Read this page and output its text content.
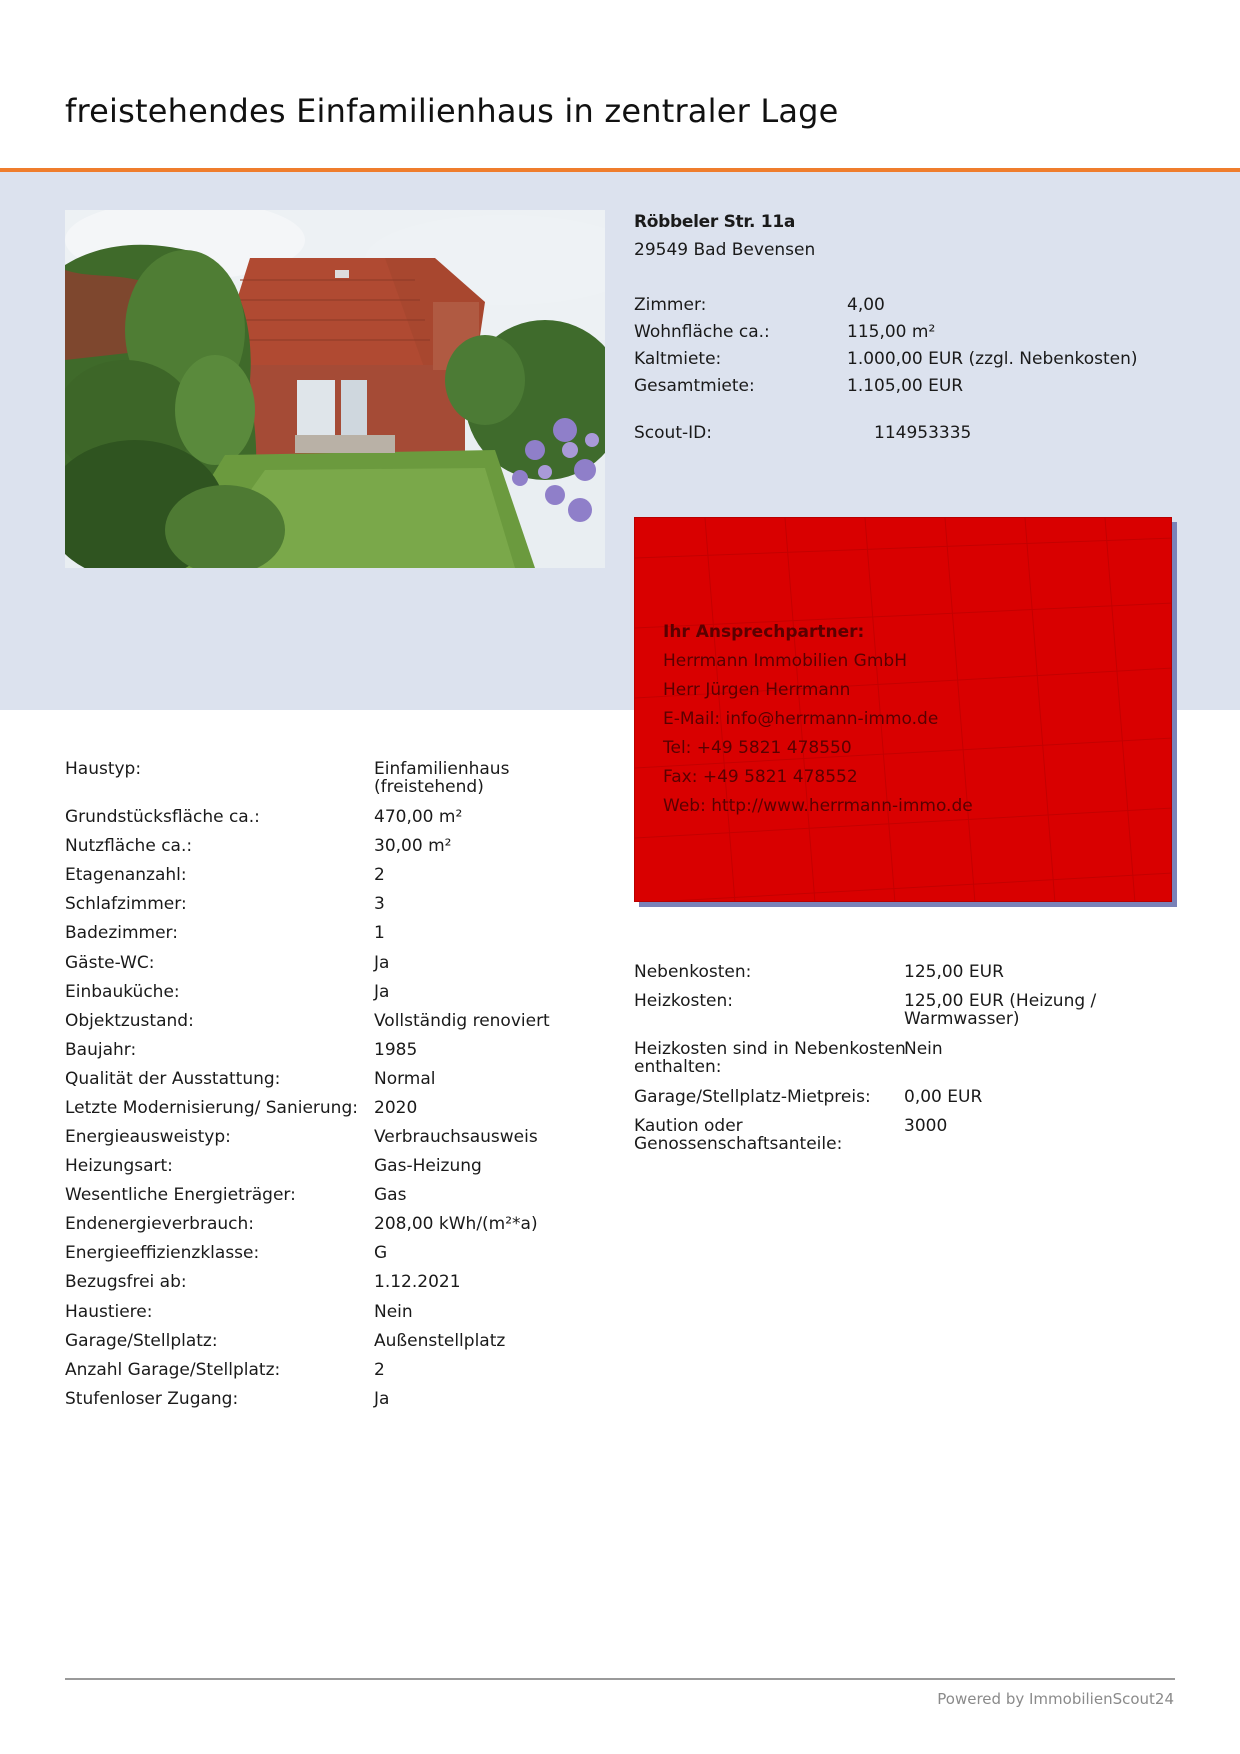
freistehendes Einfamilienhaus in zentraler Lage
Röbbeler Str. 11a
29549 Bad Bevensen
Zimmer:	4,00
Wohnfläche ca.:	115,00 m²
Kaltmiete:	1.000,00 EUR (zzgl. Nebenkosten)
Gesamtmiete:	1.105,00 EUR
Scout-ID:	114953335
Ihr Ansprechpartner:
Herrmann Immobilien GmbH
Herr Jürgen Herrmann
E-Mail: info@herrmann-immo.de
Tel: +49 5821 478550
Fax: +49 5821 478552
Web: http://www.herrmann-immo.de
Haustyp:	Einfamilienhaus
(freistehend)
Grundstücksfläche ca.:	470,00 m²
Nutzfläche ca.:	30,00 m²
Etagenanzahl:	2
Schlafzimmer:	3
Badezimmer:	1
Gäste-WC:	Ja
Einbauküche:	Ja
Objektzustand:	Vollständig renoviert
Baujahr:	1985
Qualität der Ausstattung:	Normal
Letzte Modernisierung/ Sanierung: 2020
Energieausweistyp:	Verbrauchsausweis
Heizungsart:	Gas-Heizung
Wesentliche Energieträger:	Gas
Endenergieverbrauch:	208,00 kWh/(m²*a)
Energieeffizienzklasse:	G
Bezugsfrei ab:	1.12.2021
Haustiere:	Nein
Garage/Stellplatz:	Außenstellplatz
Anzahl Garage/Stellplatz:	2
Stufenloser Zugang:	Ja
Nebenkosten:	125,00 EUR
Heizkosten:	125,00 EUR (Heizung /
Warmwasser)
Heizkosten sind in Nebenkosten
enthalten:
Nein
Garage/Stellplatz-Mietpreis: 0,00 EUR
Kaution oder
Genossenschaftsanteile:
3000
Powered by ImmobilienScout24
